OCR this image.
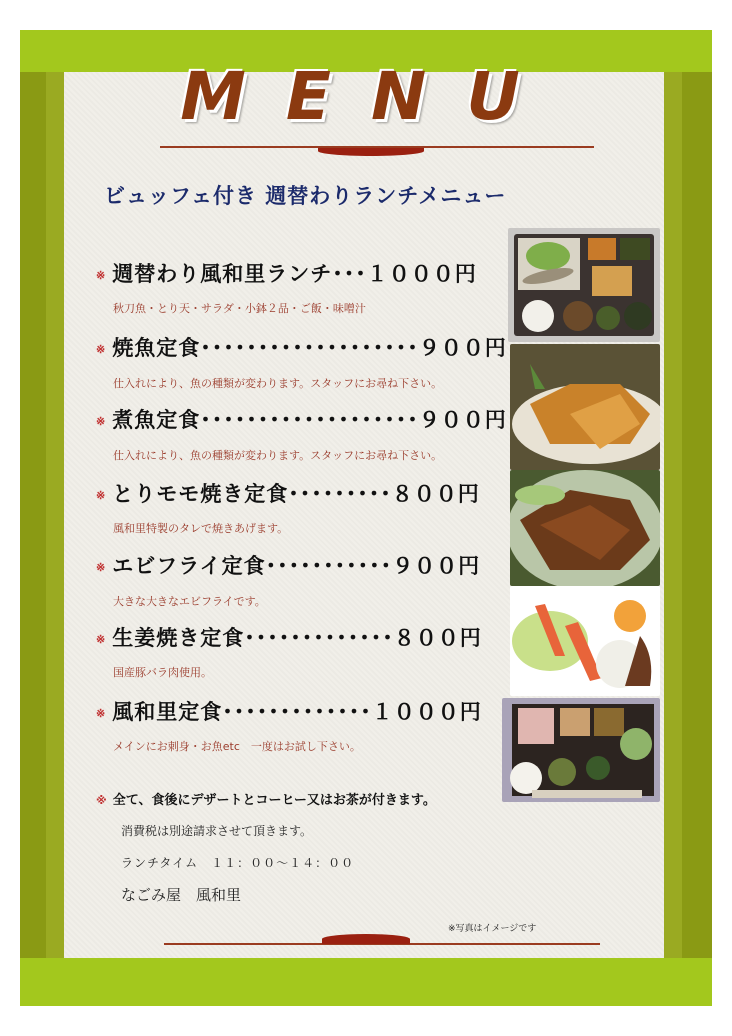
MENU
ビュッフェ付き 週替わりランチメニュー
※ 週替わり風和里ランチ･･･１０００円
秋刀魚・とり天・サラダ・小鉢２品・ご飯・味噌汁
※ 焼魚定食･･･････････････････９００円
仕入れにより、魚の種類が変わります。スタッフにお尋ね下さい。
※ 煮魚定食･･･････････････････９００円
仕入れにより、魚の種類が変わります。スタッフにお尋ね下さい。
※ とりモモ焼き定食･････････８００円
風和里特製のタレで焼きあげます。
※ エビフライ定食･･･････････９００円
大きな大きなエビフライです。
※ 生姜焼き定食･････････････８００円
国産豚バラ肉使用。
※ 風和里定食･････････････１０００円
メインにお刺身・お魚etc　一度はお試し下さい。
※ 全て、食後にデザートとコーヒー又はお茶が付きます。
消費税は別途請求させて頂きます。
ランチタイム　１１：００～１４：００
なごみ屋　風和里
※写真はイメージです
